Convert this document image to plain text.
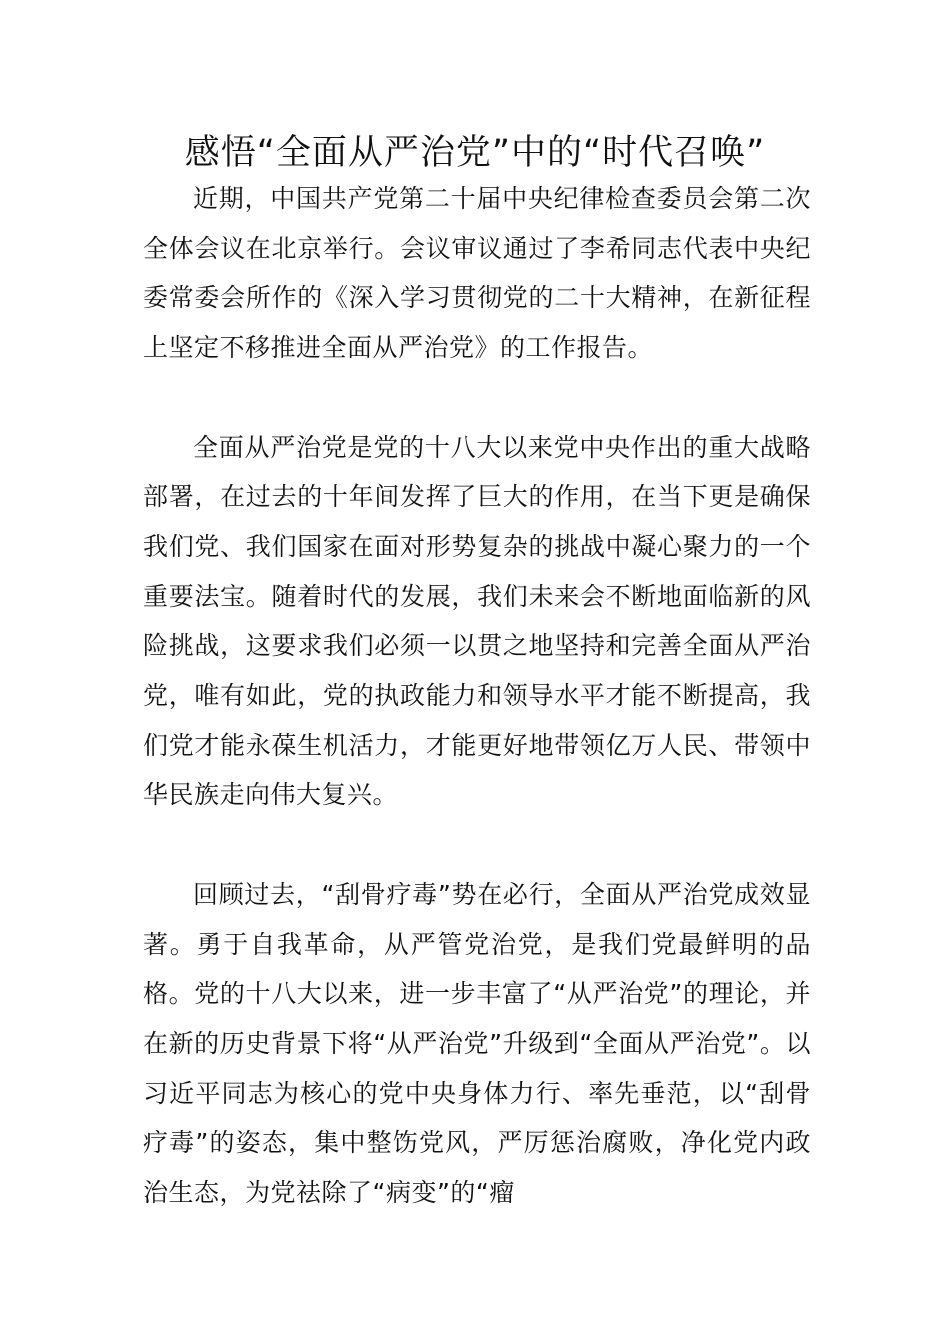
感悟“全面从严治党”中的“时代召唤”

近期，中国共产党第二十届中央纪律检查委员会第二次全体会议在北京举行。会议审议通过了李希同志代表中央纪委常委会所作的《深入学习贯彻党的二十大精神，在新征程上坚定不移推进全面从严治党》的工作报告。

全面从严治党是党的十八大以来党中央作出的重大战略部署，在过去的十年间发挥了巨大的作用，在当下更是确保我们党、我们国家在面对形势复杂的挑战中凝心聚力的一个重要法宝。随着时代的发展，我们未来会不断地面临新的风险挑战，这要求我们必须一以贯之地坚持和完善全面从严治党，唯有如此，党的执政能力和领导水平才能不断提高，我们党才能永葆生机活力，才能更好地带领亿万人民、带领中华民族走向伟大复兴。

回顾过去，“刮骨疗毒”势在必行，全面从严治党成效显著。勇于自我革命，从严管党治党，是我们党最鲜明的品格。党的十八大以来，进一步丰富了“从严治党”的理论，并在新的历史背景下将“从严治党”升级到“全面从严治党”。以习近平同志为核心的党中央身体力行、率先垂范，以“刮骨疗毒”的姿态，集中整饬党风，严厉惩治腐败，净化党内政治生态，为党祛除了“病变”的“瘤
